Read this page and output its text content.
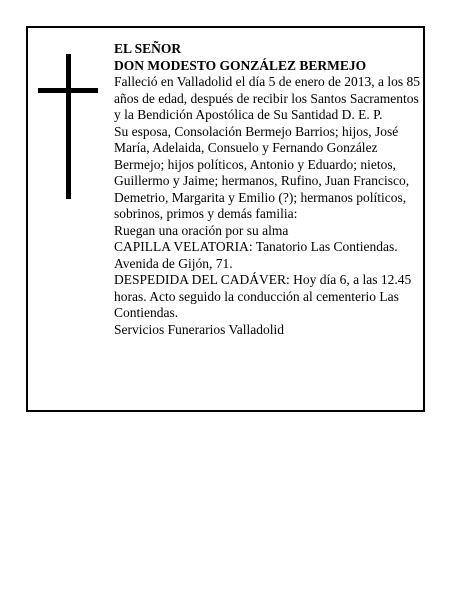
EL SEÑOR
DON MODESTO GONZÁLEZ BERMEJO
Falleció en Valladolid el día 5 de enero de 2013, a los 85 años de edad, después de recibir los Santos Sacramentos y la Bendición Apostólica de Su Santidad D. E. P.
Su esposa, Consolación Bermejo Barrios; hijos, José María, Adelaida, Consuelo y Fernando González Bermejo; hijos políticos, Antonio y Eduardo; nietos, Guillermo y Jaime; hermanos, Rufino, Juan Francisco, Demetrio, Margarita y Emilio (?); hermanos políticos, sobrinos, primos y demás familia:
Ruegan una oración por su alma
CAPILLA VELATORIA: Tanatorio Las Contiendas. Avenida de Gijón, 71.
DESPEDIDA DEL CADÁVER: Hoy día 6, a las 12.45 horas. Acto seguido la conducción al cementerio Las Contiendas.
Servicios Funerarios Valladolid
